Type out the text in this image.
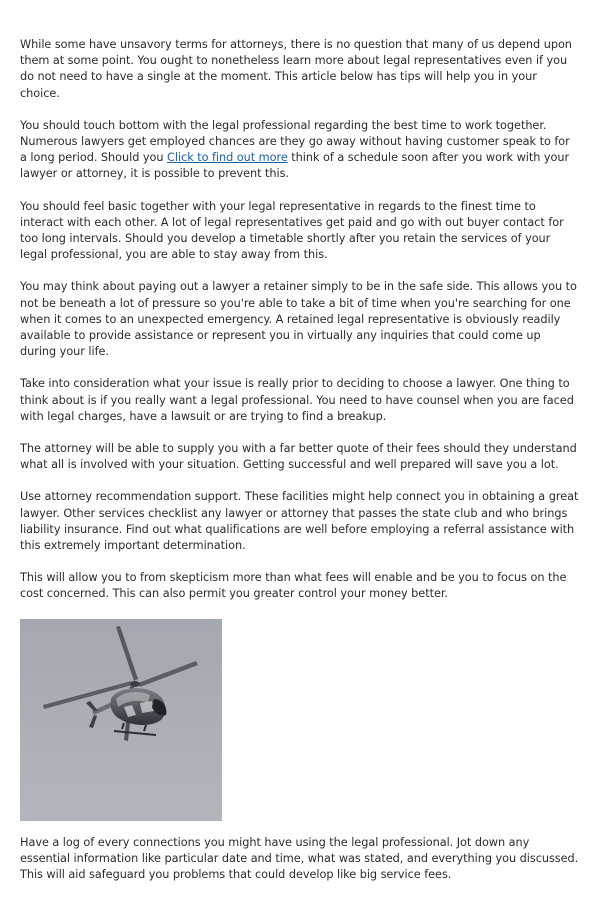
While some have unsavory terms for attorneys, there is no question that many of us depend upon them at some point. You ought to nonetheless learn more about legal representatives even if you do not need to have a single at the moment. This article below has tips will help you in your choice.

You should touch bottom with the legal professional regarding the best time to work together. Numerous lawyers get employed chances are they go away without having customer speak to for a long period. Should you Click to find out more think of a schedule soon after you work with your lawyer or attorney, it is possible to prevent this.

You should feel basic together with your legal representative in regards to the finest time to interact with each other. A lot of legal representatives get paid and go with out buyer contact for too long intervals. Should you develop a timetable shortly after you retain the services of your legal professional, you are able to stay away from this.

You may think about paying out a lawyer a retainer simply to be in the safe side. This allows you to not be beneath a lot of pressure so you're able to take a bit of time when you're searching for one when it comes to an unexpected emergency. A retained legal representative is obviously readily available to provide assistance or represent you in virtually any inquiries that could come up during your life.

Take into consideration what your issue is really prior to deciding to choose a lawyer. One thing to think about is if you really want a legal professional. You need to have counsel when you are faced with legal charges, have a lawsuit or are trying to find a breakup.

The attorney will be able to supply you with a far better quote of their fees should they understand what all is involved with your situation. Getting successful and well prepared will save you a lot.

Use attorney recommendation support. These facilities might help connect you in obtaining a great lawyer. Other services checklist any lawyer or attorney that passes the state club and who brings liability insurance. Find out what qualifications are well before employing a referral assistance with this extremely important determination.

This will allow you to from skepticism more than what fees will enable and be you to focus on the cost concerned. This can also permit you greater control your money better.

Have a log of every connections you might have using the legal professional. Jot down any essential information like particular date and time, what was stated, and everything you discussed. This will aid safeguard you problems that could develop like big service fees.
